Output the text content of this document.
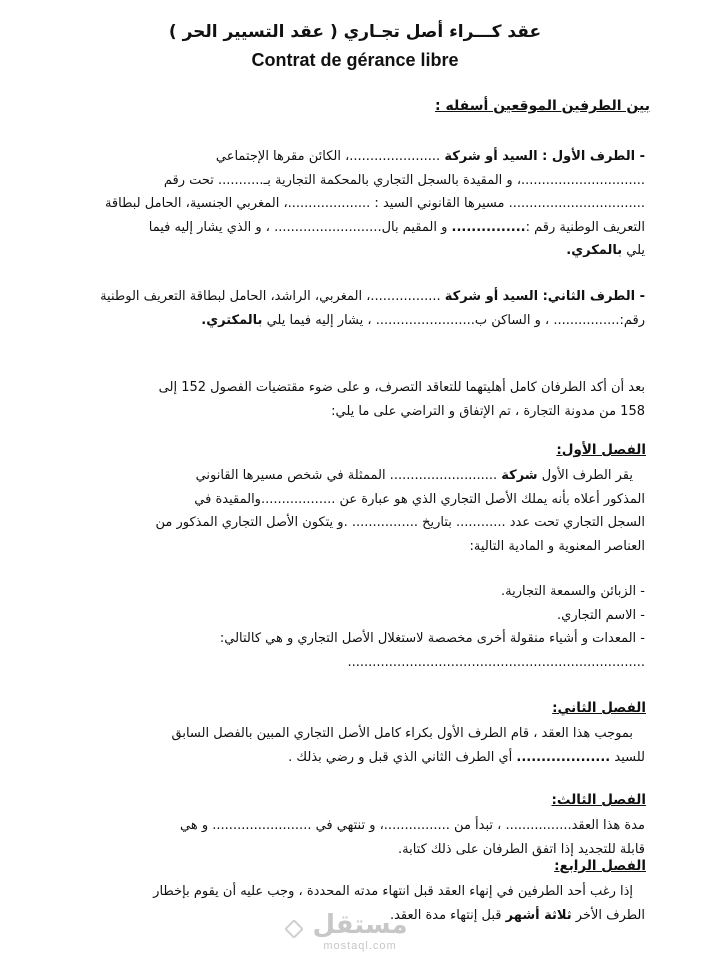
عقد كـــراء أصل تجـاري ( عقد التسيير الحر )
Contrat de gérance libre
بين الطرفين الموقعين أسفله :

- الطرف الأول : السيد أو شركة ......................، الكائن مقرها الإجتماعي

..............................، و المقيدة بالسجل التجاري بالمحكمة التجارية بـ........... تحت رقم

................................. مسيرها القانوني السيد : ....................، المغربي الجنسية، الحامل لبطاقة

التعريف الوطنية رقم :............... و المقيم بال.......................... ، و الذي يشار إليه فيما

يلي بالمكري.

- الطرف الثاني: السيد أو شركة .................، المغربي، الراشد، الحامل لبطاقة التعريف الوطنية

رقم:................ ، و الساكن ب........................ ، يشار إليه فيما يلي بالمكتري.

بعد أن أكد الطرفان كامل أهليتهما للتعاقد التصرف، و على ضوء مقتضيات الفصول 152 إلى

158 من مدونة التجارة ، تم الإتفاق و التراضي على ما يلي:

الفصل الأول:

يقر الطرف الأول شركة .......................... الممثلة في شخص مسيرها القانوني

المذكور أعلاه بأنه يملك الأصل التجاري الذي هو عبارة عن ..................والمقيدة في

السجل التجاري تحت عدد ............ بتاريخ ................ .و يتكون الأصل التجاري المذكور من

العناصر المعنوية و المادية التالية:

- الزبائن والسمعة التجارية.

- الاسم التجاري.

- المعدات و أشياء منقولة أخرى مخصصة لاستغلال الأصل التجاري و هي كالتالي:

........................................................................

الفصل الثاني:

بموجب هذا العقد ، قام الطرف الأول بكراء كامل الأصل التجاري المبين بالفصل السابق

للسيد ................... أي الطرف الثاني الذي قبل و رضي بذلك .

الفصل الثالث:

مدة هذا العقد................ ، تبدأ من ................، و تنتهي في ........................ و هي

قابلة للتجديد إذا اتفق الطرفان على ذلك كتابة.

الفصل الرابع:

إذا رغب أحد الطرفين في إنهاء العقد قبل انتهاء مدته المحددة ، وجب عليه أن يقوم بإخطار

الطرف الأخر ثلاثة أشهر قبل إنتهاء مدة العقد.

مستقل
mostaql.com
